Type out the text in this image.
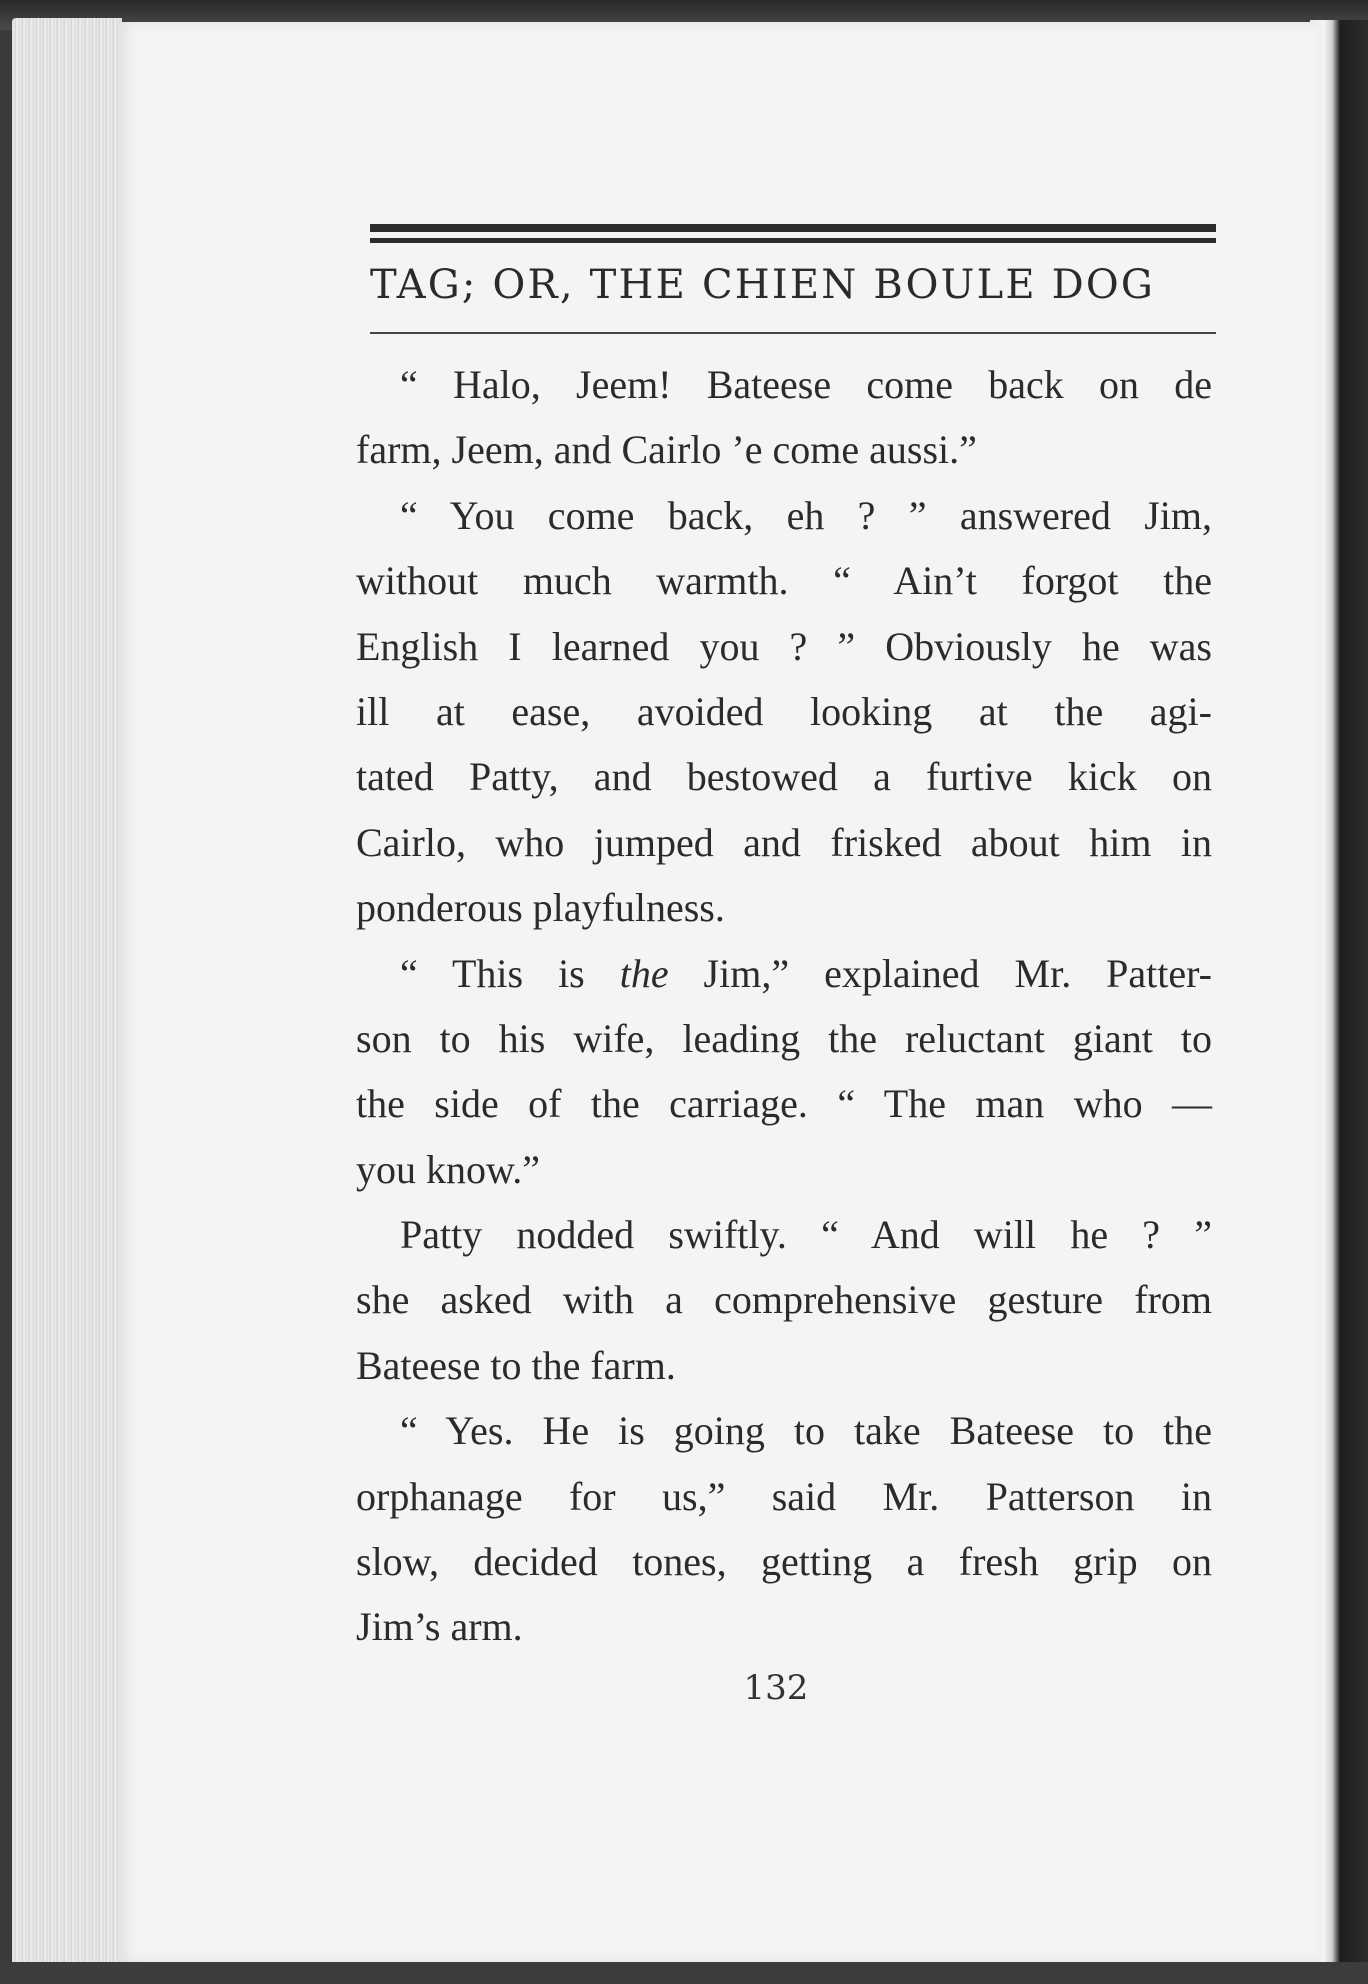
TAG; OR, THE CHIEN BOULE DOG
“ Halo, Jeem! Bateese come back on de
farm, Jeem, and Cairlo ’e come aussi.”
“ You come back, eh ? ” answered Jim,
without much warmth. “ Ain’t forgot the
English I learned you ? ” Obviously he was
ill at ease, avoided looking at the agi-
tated Patty, and bestowed a furtive kick on
Cairlo, who jumped and frisked about him in
ponderous playfulness.
“ This is the Jim,” explained Mr. Patter-
son to his wife, leading the reluctant giant to
the side of the carriage. “ The man who —
you know.”
Patty nodded swiftly. “ And will he ? ”
she asked with a comprehensive gesture from
Bateese to the farm.
“ Yes. He is going to take Bateese to the
orphanage for us,” said Mr. Patterson in
slow, decided tones, getting a fresh grip on
Jim’s arm.
132
